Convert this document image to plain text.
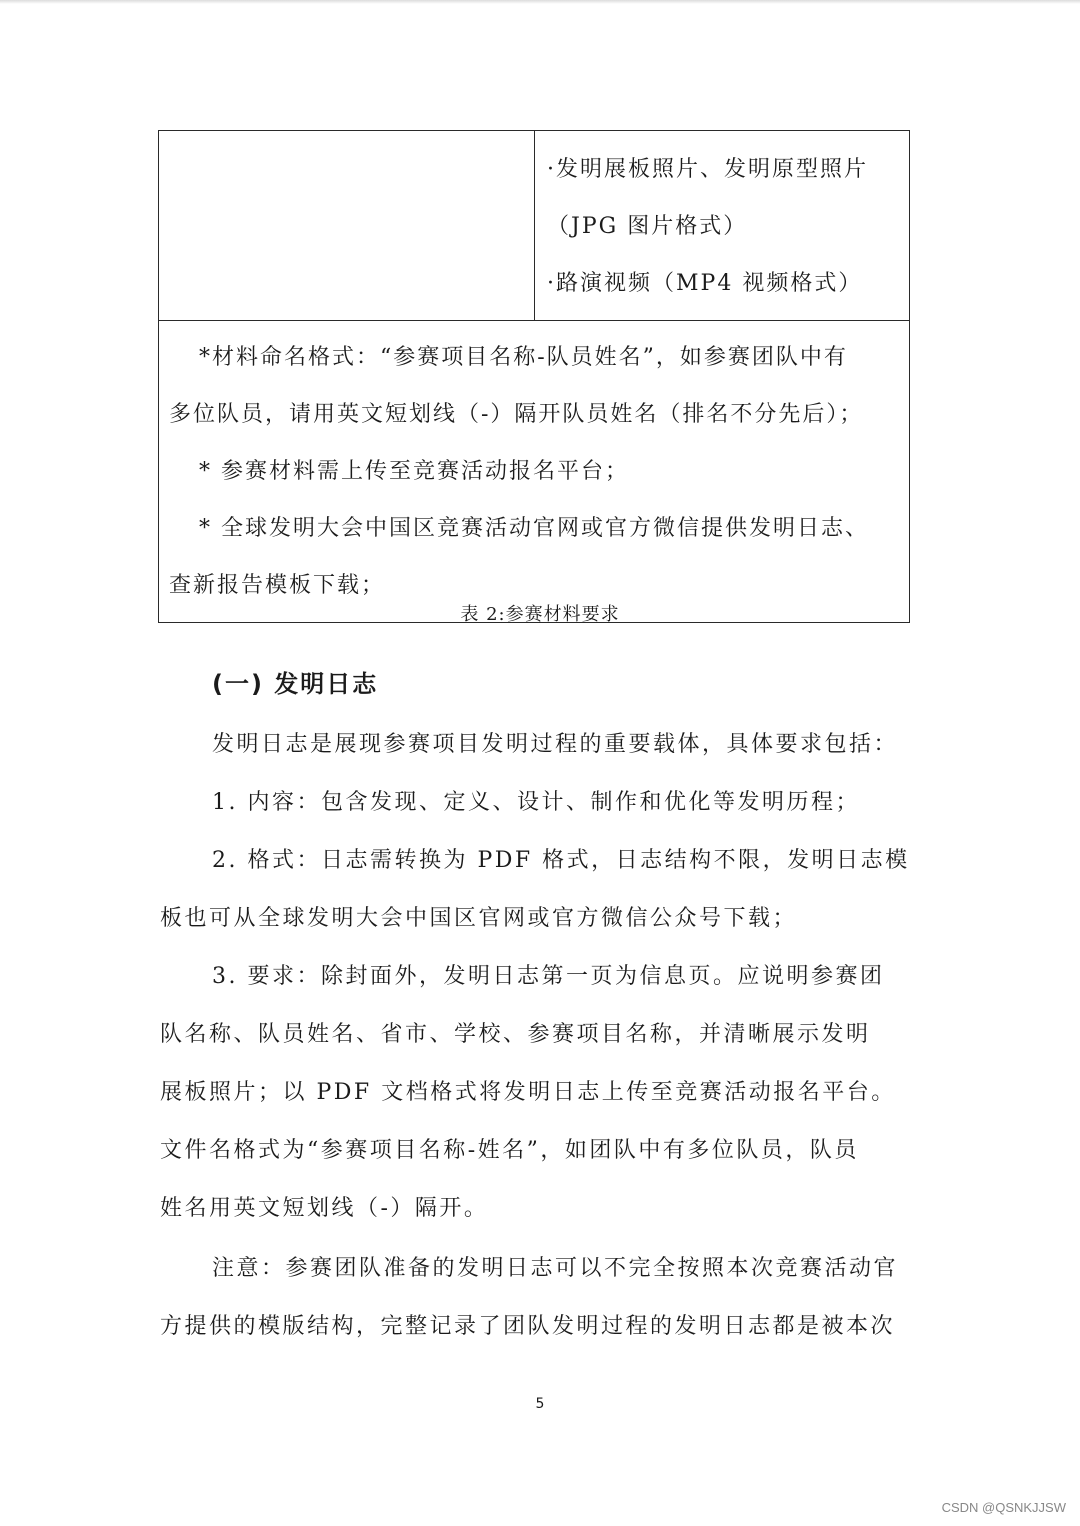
·发明展板照片、发明原型照片
（JPG 图片格式）
·路演视频（MP4 视频格式）

*材料命名格式：“参赛项目名称-队员姓名”，如参赛团队中有
多位队员，请用英文短划线（-）隔开队员姓名（排名不分先后）；
* 参赛材料需上传至竞赛活动报名平台；
* 全球发明大会中国区竞赛活动官网或官方微信提供发明日志、
查新报告模板下载；
表 2:参赛材料要求
(一) 发明日志
发明日志是展现参赛项目发明过程的重要载体，具体要求包括：
1. 内容：包含发现、定义、设计、制作和优化等发明历程；
2. 格式：日志需转换为 PDF 格式，日志结构不限，发明日志模
板也可从全球发明大会中国区官网或官方微信公众号下载；
3. 要求：除封面外，发明日志第一页为信息页。应说明参赛团
队名称、队员姓名、省市、学校、参赛项目名称，并清晰展示发明
展板照片；以 PDF 文档格式将发明日志上传至竞赛活动报名平台。
文件名格式为“参赛项目名称-姓名”，如团队中有多位队员，队员
姓名用英文短划线（-）隔开。
注意：参赛团队准备的发明日志可以不完全按照本次竞赛活动官
方提供的模版结构，完整记录了团队发明过程的发明日志都是被本次
5
CSDN @QSNKJJSW
